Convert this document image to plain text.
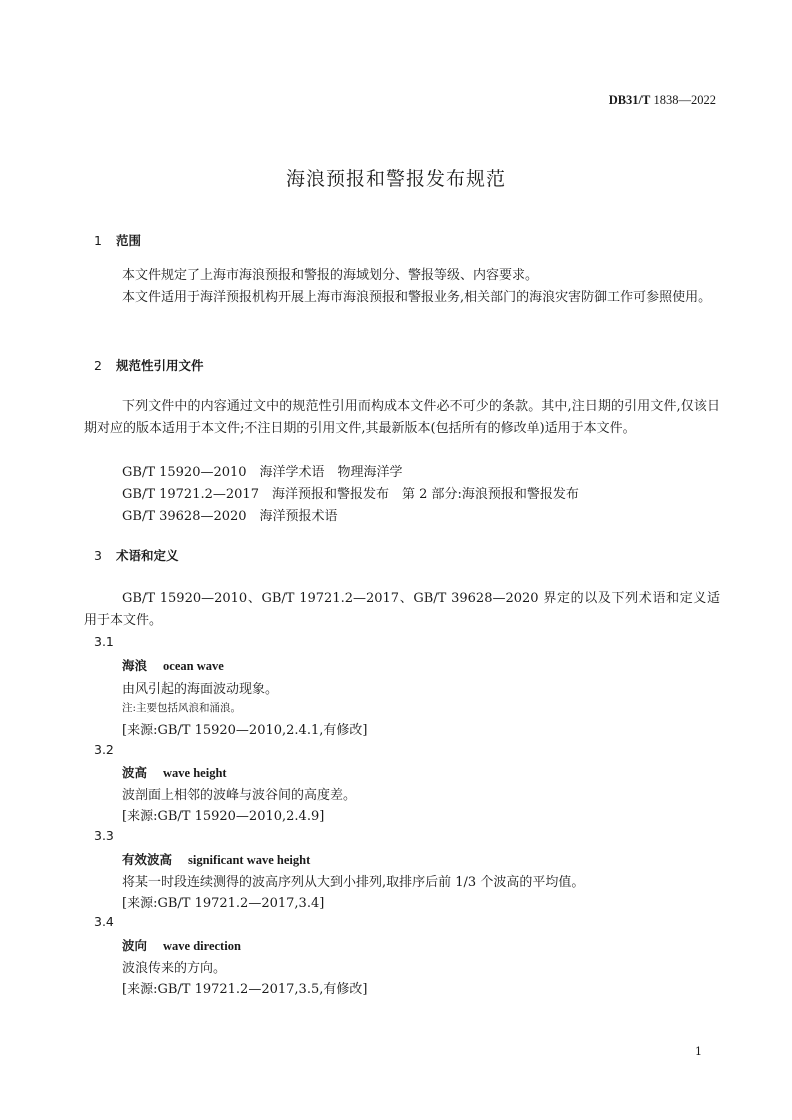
DB31/T 1838—2022
海浪预报和警报发布规范
1 范围
本文件规定了上海市海浪预报和警报的海域划分、警报等级、内容要求。
本文件适用于海洋预报机构开展上海市海浪预报和警报业务,相关部门的海浪灾害防御工作可参照使用。
2 规范性引用文件
下列文件中的内容通过文中的规范性引用而构成本文件必不可少的条款。其中,注日期的引用文件,仅该日期对应的版本适用于本文件;不注日期的引用文件,其最新版本(包括所有的修改单)适用于本文件。
GB/T 15920—2010　海洋学术语　物理海洋学
GB/T 19721.2—2017　海洋预报和警报发布　第 2 部分:海浪预报和警报发布
GB/T 39628—2020　海洋预报术语
3 术语和定义
GB/T 15920—2010、GB/T 19721.2—2017、GB/T 39628—2020 界定的以及下列术语和定义适用于本文件。
3.1
海浪 ocean wave
由风引起的海面波动现象。
注:主要包括风浪和涌浪。
[来源:GB/T 15920—2010,2.4.1,有修改]
3.2
波高 wave height
波剖面上相邻的波峰与波谷间的高度差。
[来源:GB/T 15920—2010,2.4.9]
3.3
有效波高 significant wave height
将某一时段连续测得的波高序列从大到小排列,取排序后前 1/3 个波高的平均值。
[来源:GB/T 19721.2—2017,3.4]
3.4
波向 wave direction
波浪传来的方向。
[来源:GB/T 19721.2—2017,3.5,有修改]
1
